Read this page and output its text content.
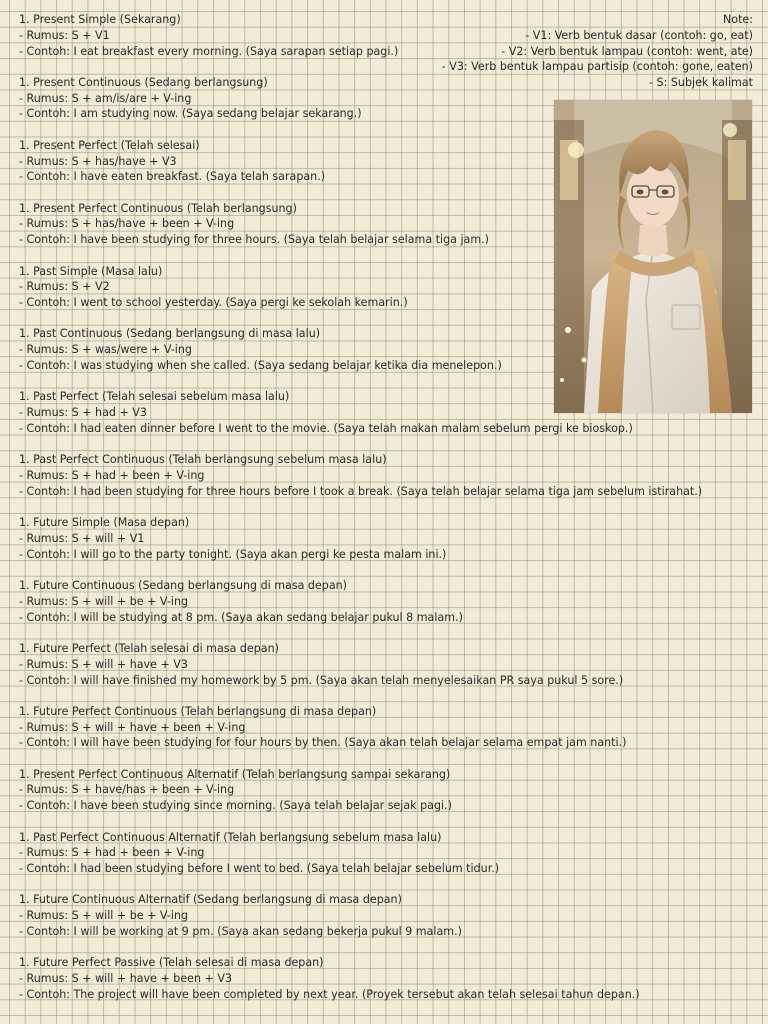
1. Present Simple (Sekarang)
- Rumus: S + V1
- Contoh: I eat breakfast every morning. (Saya sarapan setiap pagi.)
1. Present Continuous (Sedang berlangsung)
- Rumus: S + am/is/are + V-ing
- Contoh: I am studying now. (Saya sedang belajar sekarang.)
1. Present Perfect (Telah selesai)
- Rumus: S + has/have + V3
- Contoh: I have eaten breakfast. (Saya telah sarapan.)
1. Present Perfect Continuous (Telah berlangsung)
- Rumus: S + has/have + been + V-ing
- Contoh: I have been studying for three hours. (Saya telah belajar selama tiga jam.)
1. Past Simple (Masa lalu)
- Rumus: S + V2
- Contoh: I went to school yesterday. (Saya pergi ke sekolah kemarin.)
1. Past Continuous (Sedang berlangsung di masa lalu)
- Rumus: S + was/were + V-ing
- Contoh: I was studying when she called. (Saya sedang belajar ketika dia menelepon.)
1. Past Perfect (Telah selesai sebelum masa lalu)
- Rumus: S + had + V3
- Contoh: I had eaten dinner before I went to the movie. (Saya telah makan malam sebelum pergi ke bioskop.)
1. Past Perfect Continuous (Telah berlangsung sebelum masa lalu)
- Rumus: S + had + been + V-ing
- Contoh: I had been studying for three hours before I took a break. (Saya telah belajar selama tiga jam sebelum istirahat.)
1. Future Simple (Masa depan)
- Rumus: S + will + V1
- Contoh: I will go to the party tonight. (Saya akan pergi ke pesta malam ini.)
1. Future Continuous (Sedang berlangsung di masa depan)
- Rumus: S + will + be + V-ing
- Contoh: I will be studying at 8 pm. (Saya akan sedang belajar pukul 8 malam.)
1. Future Perfect (Telah selesai di masa depan)
- Rumus: S + will + have + V3
- Contoh: I will have finished my homework by 5 pm. (Saya akan telah menyelesaikan PR saya pukul 5 sore.)
1. Future Perfect Continuous (Telah berlangsung di masa depan)
- Rumus: S + will + have + been + V-ing
- Contoh: I will have been studying for four hours by then. (Saya akan telah belajar selama empat jam nanti.)
1. Present Perfect Continuous Alternatif (Telah berlangsung sampai sekarang)
- Rumus: S + have/has + been + V-ing
- Contoh: I have been studying since morning. (Saya telah belajar sejak pagi.)
1. Past Perfect Continuous Alternatif (Telah berlangsung sebelum masa lalu)
- Rumus: S + had + been + V-ing
- Contoh: I had been studying before I went to bed. (Saya telah belajar sebelum tidur.)
1. Future Continuous Alternatif (Sedang berlangsung di masa depan)
- Rumus: S + will + be + V-ing
- Contoh: I will be working at 9 pm. (Saya akan sedang bekerja pukul 9 malam.)
1. Future Perfect Passive (Telah selesai di masa depan)
- Rumus: S + will + have + been + V3
- Contoh: The project will have been completed by next year. (Proyek tersebut akan telah selesai tahun depan.)
Note:
- V1: Verb bentuk dasar (contoh: go, eat)
- V2: Verb bentuk lampau (contoh: went, ate)
- V3: Verb bentuk lampau partisip (contoh: gone, eaten)
- S: Subjek kalimat
